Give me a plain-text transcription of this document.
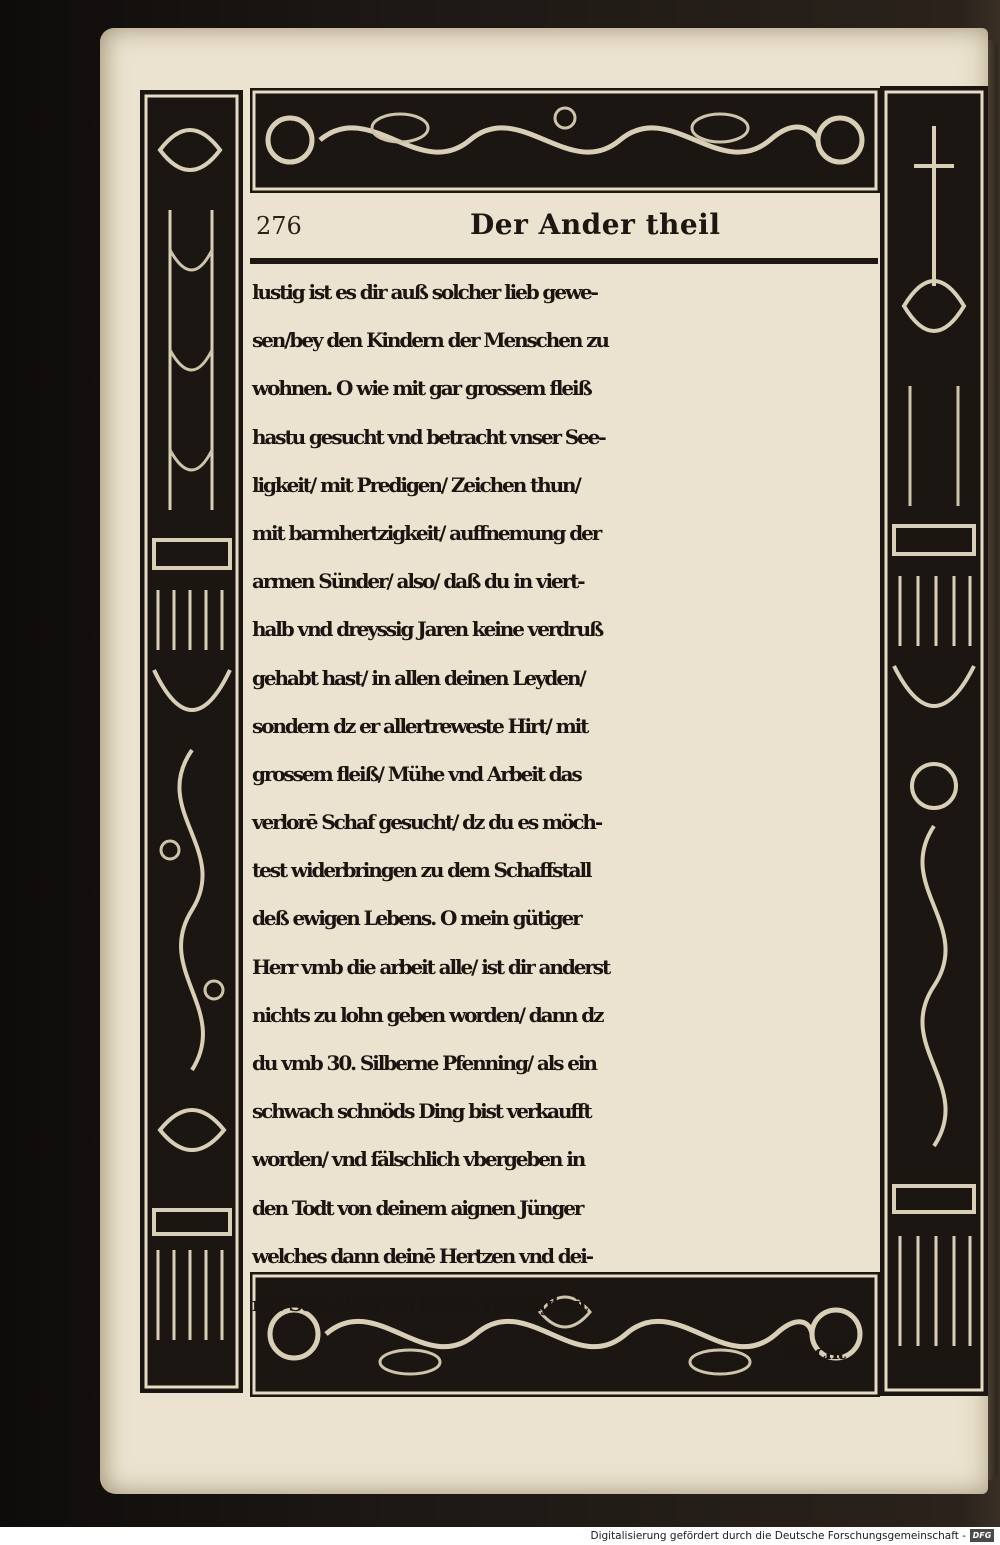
276	Der Ander theil
lustig ist es dir auß solcher lieb gewe-
sen/bey den Kindern der Menschen zu
wohnen. O wie mit gar grossem fleiß
hastu gesucht vnd betracht vnser See-
ligkeit/ mit Predigen/ Zeichen thun/
mit barmhertzigkeit/ auffnemung der
armen Sünder/ also/ daß du in viert-
halb vnd dreyssig Jaren keine verdruß
gehabt hast/ in allen deinen Leyden/
sondern dz er allertreweste Hirt/ mit
grossem fleiß/ Mühe vnd Arbeit das
verlorē Schaf gesucht/ dz du es möch-
test widerbringen zu dem Schaffstall
deß ewigen Lebens. O mein gütiger
Herr vmb die arbeit alle/ ist dir anderst
nichts zu lohn geben worden/ dann dz
du vmb 30. Silberne Pfenning/ als ein
schwach schnöds Ding bist verkaufft
worden/ vnd fälschlich vbergeben in
den Todt von deinem aignen Jünger
welches dann deinē Hertzen vnd dei-
ner Seel nicht ein kleine Trawrigkeit
bracht
Digitalisierung gefördert durch die Deutsche Forschungsgemeinschaft - DFG
